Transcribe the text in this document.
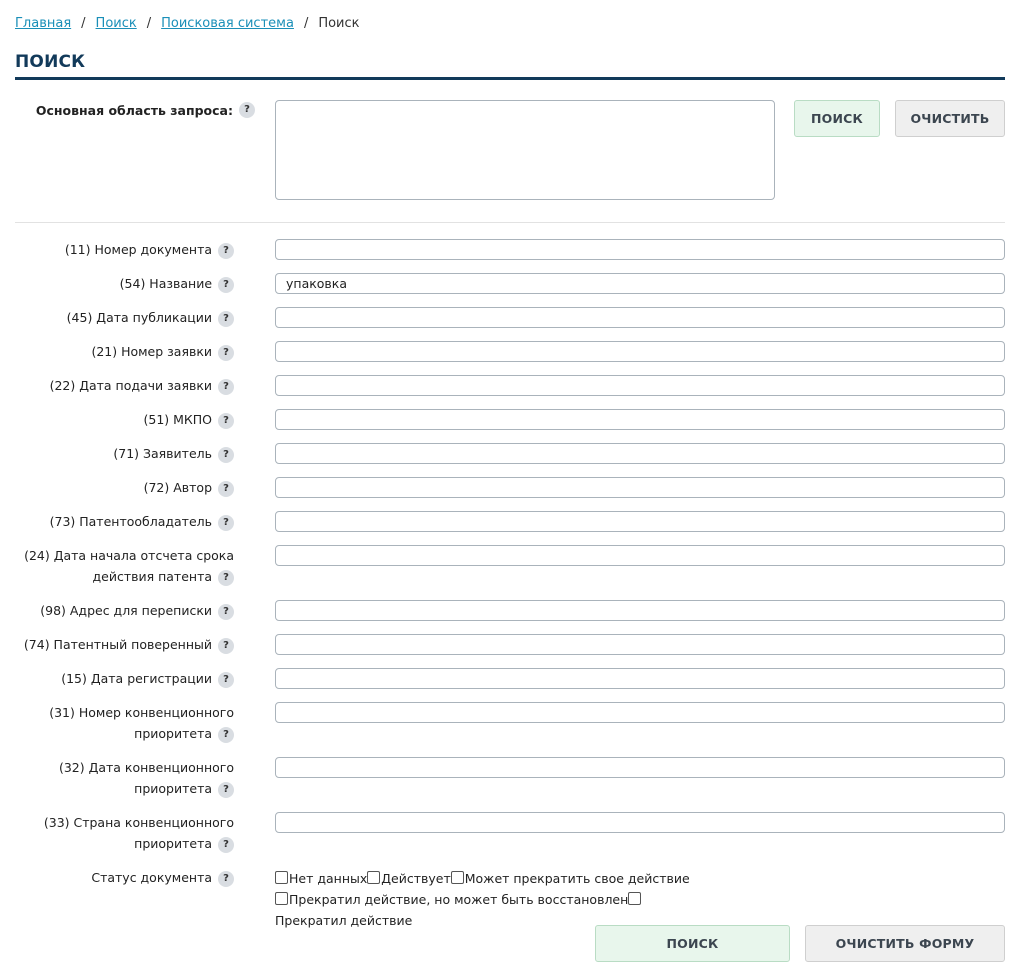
Главная / Поиск / Поисковая система / Поиск
ПОИСК
Основная область запроса:	?
ПОИСК	ОЧИСТИТЬ
(11) Номер документа ?
(54) Название ?
упаковка
(45) Дата публикации ?
(21) Номер заявки ?
(22) Дата подачи заявки ?
(51) МКПО ?
(71) Заявитель ?
(72) Автор ?
(73) Патентообладатель ?
(24) Дата начала отсчета срока действия патента ?
(98) Адрес для переписки ?
(74) Патентный поверенный ?
(15) Дата регистрации ?
(31) Номер конвенционного приоритета ?
(32) Дата конвенционного приоритета ?
(33) Страна конвенционного приоритета ?
Статус документа ?	Нет данных Действует Может прекратить свое действиеПрекратил действие, но может быть восстановлен
Прекратил действие
ПОИСК	ОЧИСТИТЬ ФОРМУ
